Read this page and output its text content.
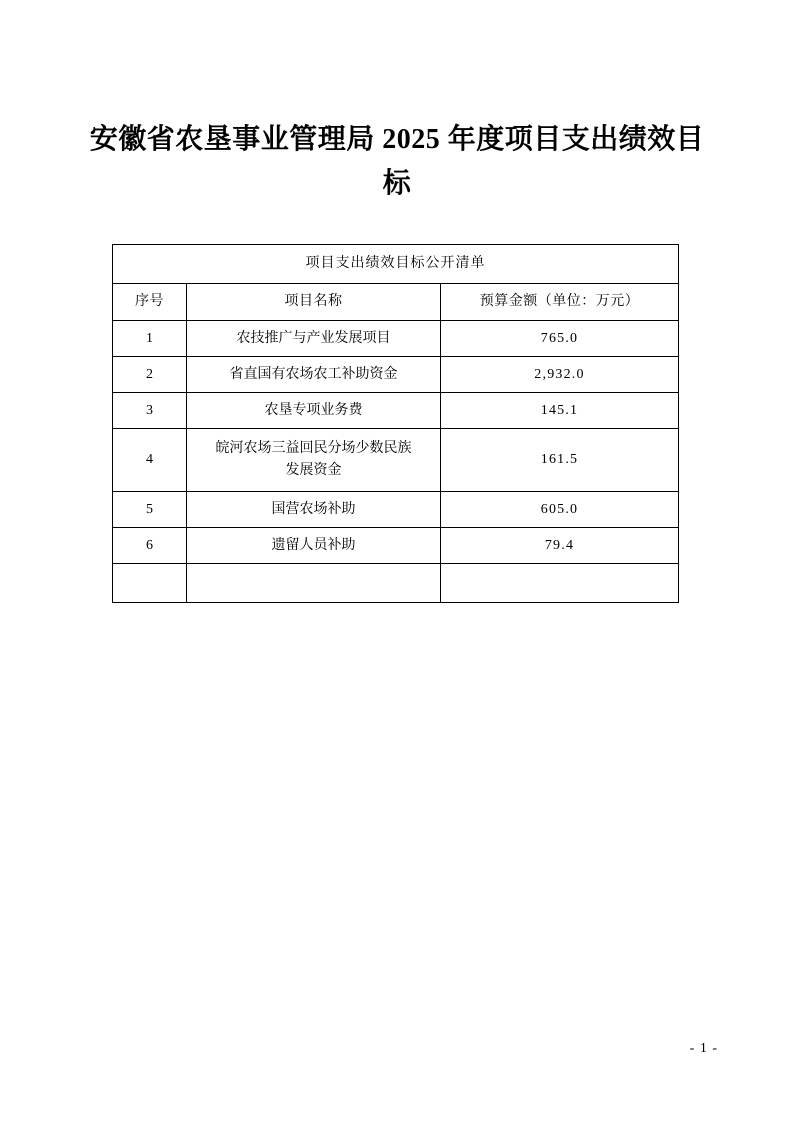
安徽省农垦事业管理局 2025 年度项目支出绩效目标
项目支出绩效目标公开清单		
序号	项目名称	预算金额（单位：万元）
1	农技推广与产业发展项目	765.0
2	省直国有农场农工补助资金	2,932.0
3	农垦专项业务费	145.1
4	皖河农场三益回民分场少数民族
发展资金	161.5
5	国营农场补助	605.0
6	遗留人员补助	79.4

- 1 -
